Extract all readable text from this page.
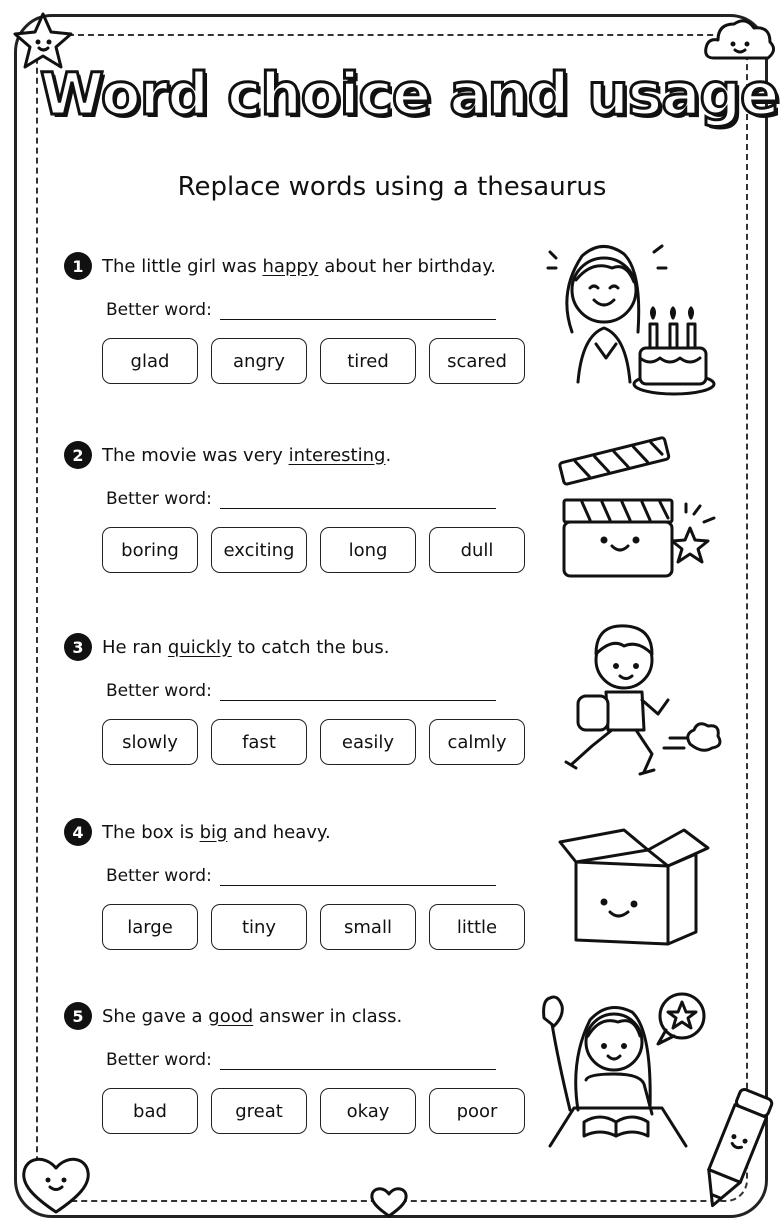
Word choice and usage
Replace words using a thesaurus
1	The little girl was happy about her birthday.
Better word:
glad	angry	tired	scared
2	The movie was very interesting.
Better word:
boring	exciting	long	dull
3	He ran quickly to catch the bus.
Better word:
slowly	fast	easily	calmly
4	The box is big and heavy.
Better word:
large	tiny	small	little
5	She gave a good answer in class.
Better word:
bad	great	okay	poor
